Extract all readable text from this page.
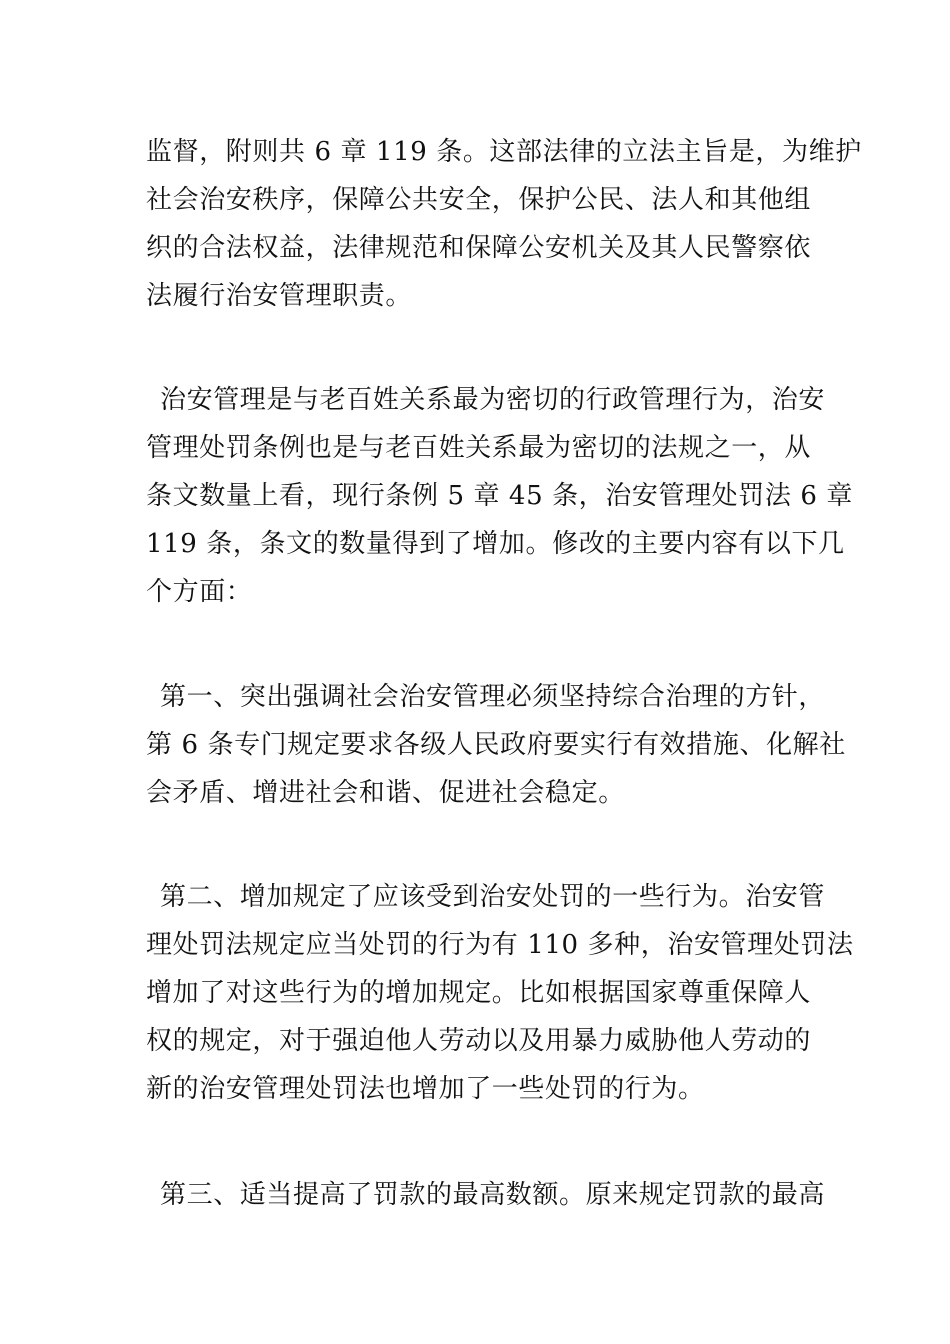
监督，附则共 6 章 119 条。这部法律的立法主旨是，为维护
社会治安秩序，保障公共安全，保护公民、法人和其他组
织的合法权益，法律规范和保障公安机关及其人民警察依
法履行治安管理职责。
治安管理是与老百姓关系最为密切的行政管理行为，治安
管理处罚条例也是与老百姓关系最为密切的法规之一，从
条文数量上看，现行条例 5 章 45 条，治安管理处罚法 6 章
119 条，条文的数量得到了增加。修改的主要内容有以下几
个方面：
第一、突出强调社会治安管理必须坚持综合治理的方针，
第 6 条专门规定要求各级人民政府要实行有效措施、化解社
会矛盾、增进社会和谐、促进社会稳定。
第二、增加规定了应该受到治安处罚的一些行为。治安管
理处罚法规定应当处罚的行为有 110 多种，治安管理处罚法
增加了对这些行为的增加规定。比如根据国家尊重保障人
权的规定，对于强迫他人劳动以及用暴力威胁他人劳动的
新的治安管理处罚法也增加了一些处罚的行为。
第三、适当提高了罚款的最高数额。原来规定罚款的最高
